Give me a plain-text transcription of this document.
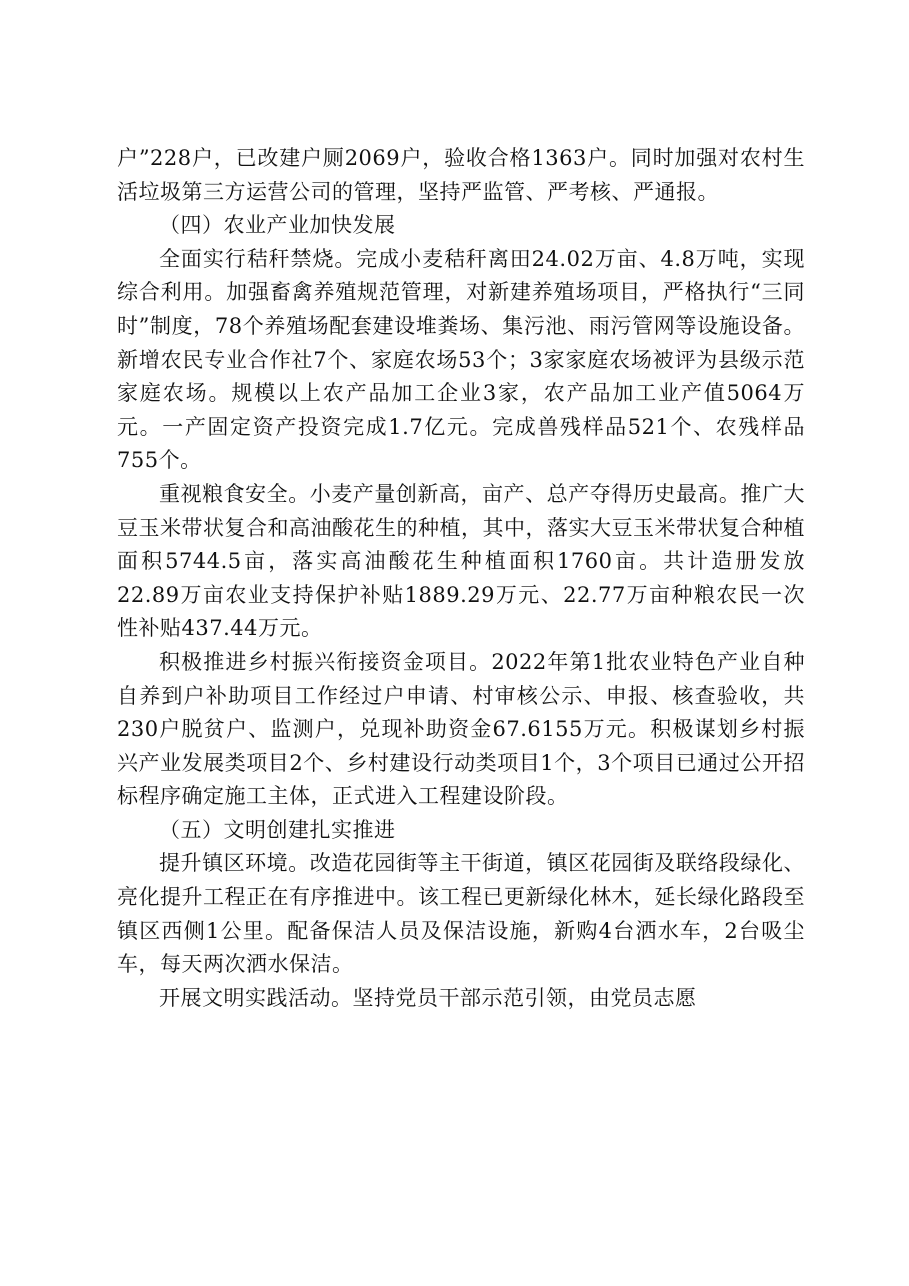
户”228户，已改建户厕2069户，验收合格1363户。同时加强对农村生活垃圾第三方运营公司的管理，坚持严监管、严考核、严通报。

（四）农业产业加快发展

全面实行秸秆禁烧。完成小麦秸秆离田24.02万亩、4.8万吨，实现综合利用。加强畜禽养殖规范管理，对新建养殖场项目，严格执行“三同时”制度，78个养殖场配套建设堆粪场、集污池、雨污管网等设施设备。新增农民专业合作社7个、家庭农场53个；3家家庭农场被评为县级示范家庭农场。规模以上农产品加工企业3家，农产品加工业产值5064万元。一产固定资产投资完成1.7亿元。完成兽残样品521个、农残样品755个。

重视粮食安全。小麦产量创新高，亩产、总产夺得历史最高。推广大豆玉米带状复合和高油酸花生的种植，其中，落实大豆玉米带状复合种植面积5744.5亩，落实高油酸花生种植面积1760亩。共计造册发放22.89万亩农业支持保护补贴1889.29万元、22.77万亩种粮农民一次性补贴437.44万元。

积极推进乡村振兴衔接资金项目。2022年第1批农业特色产业自种自养到户补助项目工作经过户申请、村审核公示、申报、核查验收，共230户脱贫户、监测户，兑现补助资金67.6155万元。积极谋划乡村振兴产业发展类项目2个、乡村建设行动类项目1个，3个项目已通过公开招标程序确定施工主体，正式进入工程建设阶段。

（五）文明创建扎实推进

提升镇区环境。改造花园街等主干街道，镇区花园街及联络段绿化、亮化提升工程正在有序推进中。该工程已更新绿化林木，延长绿化路段至镇区西侧1公里。配备保洁人员及保洁设施，新购4台洒水车，2台吸尘车，每天两次洒水保洁。

开展文明实践活动。坚持党员干部示范引领，由党员志愿
